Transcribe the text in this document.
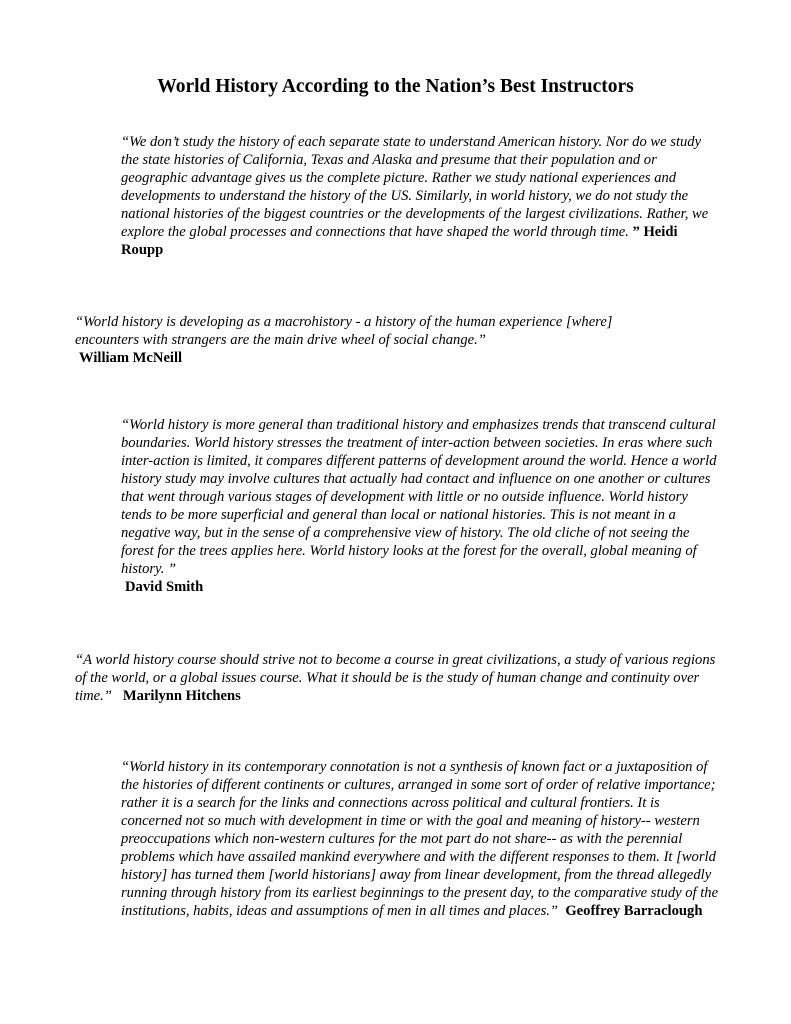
World History According to the Nation’s Best Instructors

“We don’t study the history of each separate state to understand American history. Nor do we study the state histories of California, Texas and Alaska and presume that their population and or geographic advantage gives us the complete picture. Rather we study national experiences and developments to understand the history of the US. Similarly, in world history, we do not study the national histories of the biggest countries or the developments of the largest civilizations. Rather, we explore the global processes and connections that have shaped the world through time. ” Heidi Roupp

“World history is developing as a macrohistory - a history of the human experience [where] encounters with strangers are the main drive wheel of social change.”
William McNeill

“World history is more general than traditional history and emphasizes trends that transcend cultural boundaries. World history stresses the treatment of inter-action between societies. In eras where such inter-action is limited, it compares different patterns of development around the world. Hence a world history study may involve cultures that actually had contact and influence on one another or cultures that went through various stages of development with little or no outside influence. World history tends to be more superficial and general than local or national histories. This is not meant in a negative way, but in the sense of a comprehensive view of history. The old cliche of not seeing the forest for the trees applies here. World history looks at the forest for the overall, global meaning of history. ”
David Smith

“A world history course should strive not to become a course in great civilizations, a study of various regions of the world, or a global issues course. What it should be is the study of human change and continuity over time.” Marilynn Hitchens

“World history in its contemporary connotation is not a synthesis of known fact or a juxtaposition of the histories of different continents or cultures, arranged in some sort of order of relative importance; rather it is a search for the links and connections across political and cultural frontiers. It is concerned not so much with development in time or with the goal and meaning of history-- western preoccupations which non-western cultures for the mot part do not share-- as with the perennial problems which have assailed mankind everywhere and with the different responses to them. It [world history] has turned them [world historians] away from linear development, from the thread allegedly running through history from its earliest beginnings to the present day, to the comparative study of the institutions, habits, ideas and assumptions of men in all times and places.” Geoffrey Barraclough
